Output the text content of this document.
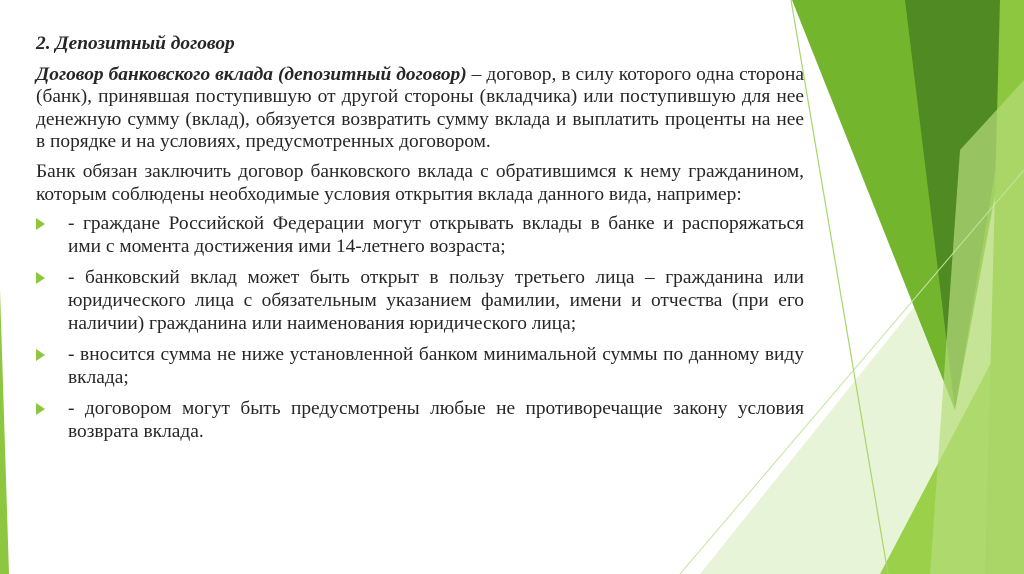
2. Депозитный договор

Договор банковского вклада (депозитный договор) – договор, в силу которого одна сторона (банк), принявшая поступившую от другой стороны (вкладчика) или поступившую для нее денежную сумму (вклад), обязуется возвратить сумму вклада и выплатить проценты на нее в порядке и на условиях, предусмотренных договором.

Банк обязан заключить договор банковского вклада с обратившимся к нему гражданином, которым соблюдены необходимые условия открытия вклада данного вида, например:

- граждане Российской Федерации могут открывать вклады в банке и распоряжаться ими с момента достижения ими 14-летнего возраста;
- банковский вклад может быть открыт в пользу третьего лица – гражданина или юридического лица с обязательным указанием фамилии, имени и отчества (при его наличии) гражданина или наименования юридического лица;
- вносится сумма не ниже установленной банком минимальной суммы по данному виду вклада;
- договором могут быть предусмотрены любые не противоречащие закону условия возврата вклада.
